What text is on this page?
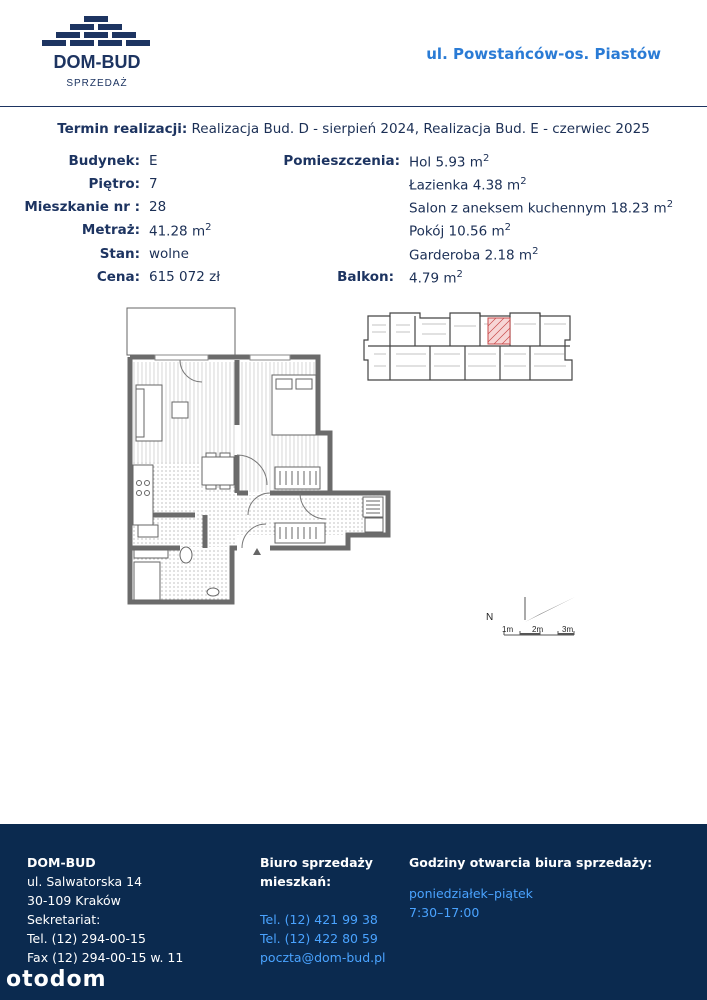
DOM-BUD
SPRZEDAŻ
ul. Powstańców-os. Piastów
Termin realizacji: Realizacja Bud. D - sierpień 2024, Realizacja Bud. E - czerwiec 2025
Budynek: E
Piętro: 7
Mieszkanie nr : 28
Metraż: 41.28 $m^2$
Stan: wolne
Cena: 615 072 zł
Pomieszczenia: Hol 5.93 $m^2$
Łazienka 4.38 $m^2$
Salon z aneksem kuchennym 18.23 $m^2$
Pokój 10.56 $m^2$
Garderoba 2.18 $m^2$
Balkon: 4.79 $m^2$
N
1m 2m 3m
DOM-BUD
ul. Salwatorska 14
30-109 Kraków
Sekretariat:
Tel. (12) 294-00-15
Fax (12) 294-00-15 w. 11
Biuro sprzedaży
mieszkań:
Tel. (12) 421 99 38
Tel. (12) 422 80 59
poczta@dom-bud.pl
Godziny otwarcia biura sprzedaży:
poniedziałek–piątek
7:30–17:00
otodom
